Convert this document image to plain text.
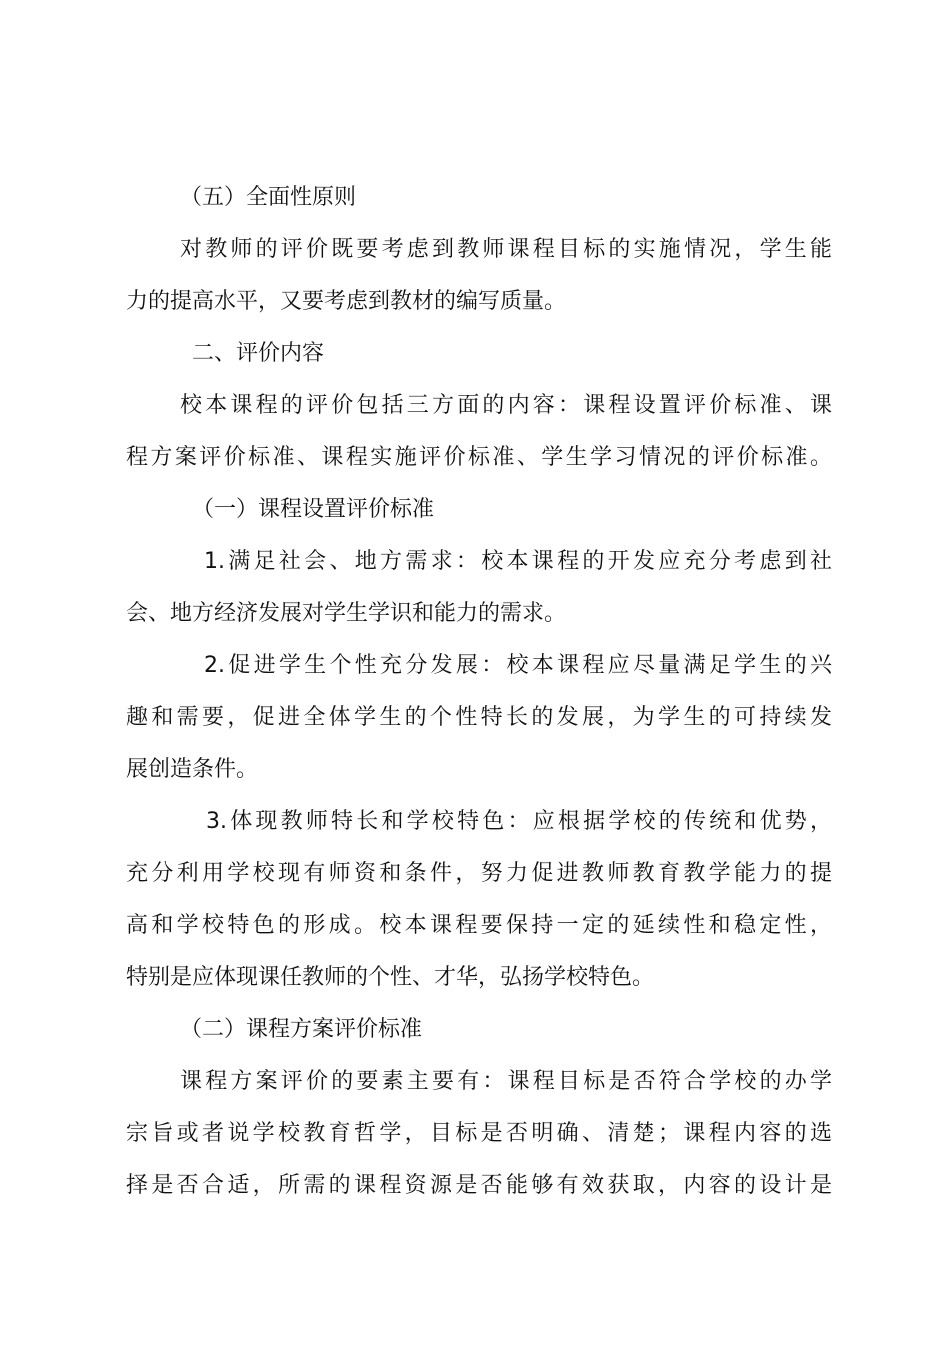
（五）全面性原则
对教师的评价既要考虑到教师课程目标的实施情况，学生能
力的提高水平，又要考虑到教材的编写质量。
二、评价内容
校本课程的评价包括三方面的内容：课程设置评价标准、课
程方案评价标准、课程实施评价标准、学生学习情况的评价标准。
（一）课程设置评价标准
1.满足社会、地方需求：校本课程的开发应充分考虑到社
会、地方经济发展对学生学识和能力的需求。
2.促进学生个性充分发展：校本课程应尽量满足学生的兴
趣和需要，促进全体学生的个性特长的发展，为学生的可持续发
展创造条件。
3.体现教师特长和学校特色：应根据学校的传统和优势，
充分利用学校现有师资和条件，努力促进教师教育教学能力的提
高和学校特色的形成。校本课程要保持一定的延续性和稳定性，
特别是应体现课任教师的个性、才华，弘扬学校特色。
（二）课程方案评价标准
课程方案评价的要素主要有：课程目标是否符合学校的办学
宗旨或者说学校教育哲学，目标是否明确、清楚；课程内容的选
择是否合适，所需的课程资源是否能够有效获取，内容的设计是
